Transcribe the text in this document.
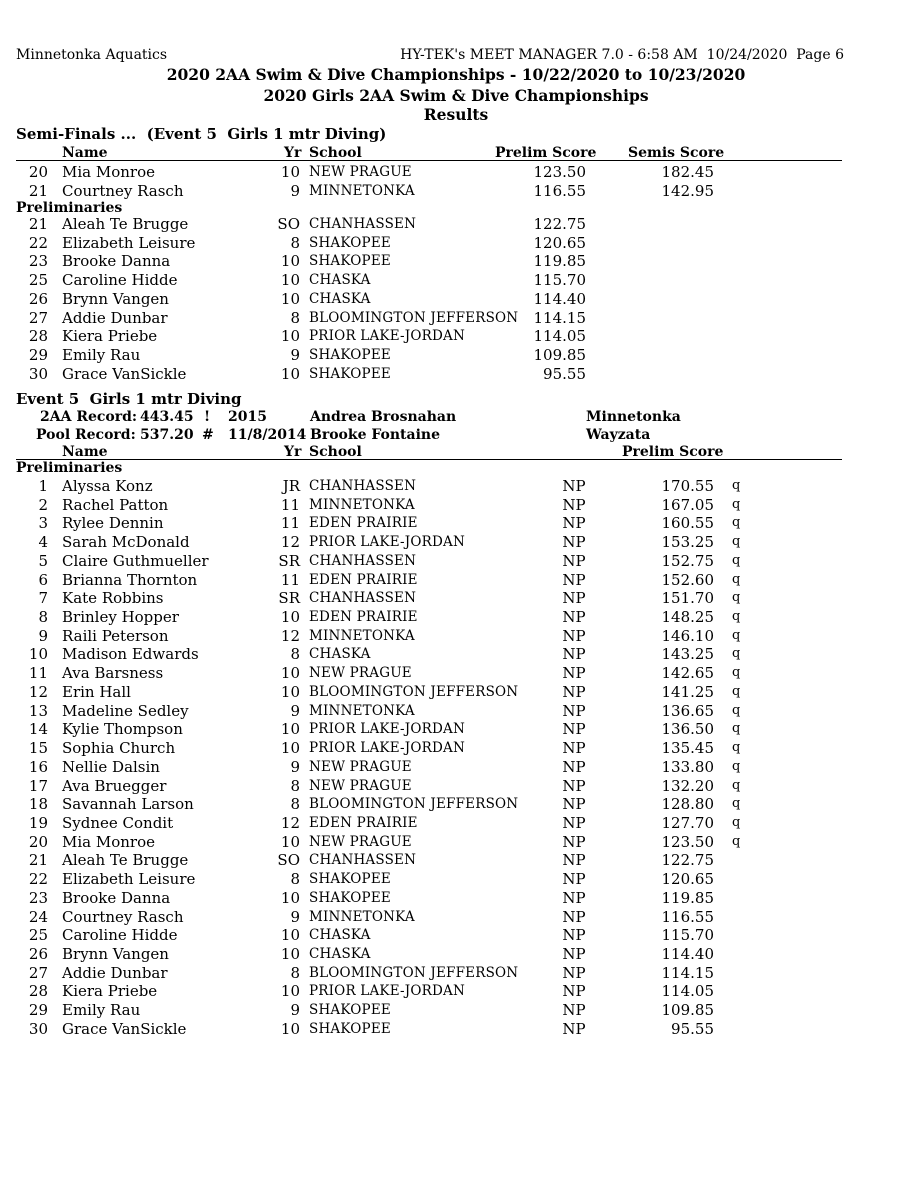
Minnetonka Aquatics	HY-TEK's MEET MANAGER 7.0 - 6:58 AM  10/24/2020  Page 6
2020 2AA Swim & Dive Championships - 10/22/2020 to 10/23/2020
2020 Girls 2AA Swim & Dive Championships
Results
Semi-Finals ...  (Event 5  Girls 1 mtr Diving)
Name	Yr School	Prelim Score Semis Score
20 Mia Monroe	10 NEW PRAGUE	123.50	182.45
21 Courtney Rasch	9 MINNETONKA	116.55	142.95
Preliminaries
21 Aleah Te Brugge	SO CHANHASSEN	122.75
22 Elizabeth Leisure	8 SHAKOPEE	120.65
23 Brooke Danna	10 SHAKOPEE	119.85
25 Caroline Hidde	10 CHASKA	115.70
26 Brynn Vangen	10 CHASKA	114.40
27 Addie Dunbar	8 BLOOMINGTON JEFFERSON	114.15
28 Kiera Priebe	10 PRIOR LAKE-JORDAN	114.05
29 Emily Rau	9 SHAKOPEE	109.85
30 Grace VanSickle	10 SHAKOPEE	95.55
Event 5  Girls 1 mtr Diving
2AA Record: 443.45 ! 2015	Andrea Brosnahan	Minnetonka
Pool Record: 537.20 # 11/8/2014 Brooke Fontaine	Wayzata
Name	Yr School	Prelim Score
Preliminaries
1 Alyssa Konz	JR CHANHASSEN	NP	170.55 q
2 Rachel Patton	11 MINNETONKA	NP	167.05 q
3 Rylee Dennin	11 EDEN PRAIRIE	NP	160.55 q
4 Sarah McDonald	12 PRIOR LAKE-JORDAN	NP	153.25 q
5 Claire Guthmueller	SR CHANHASSEN	NP	152.75 q
6 Brianna Thornton	11 EDEN PRAIRIE	NP	152.60 q
7 Kate Robbins	SR CHANHASSEN	NP	151.70 q
8 Brinley Hopper	10 EDEN PRAIRIE	NP	148.25 q
9 Raili Peterson	12 MINNETONKA	NP	146.10 q
10 Madison Edwards	8 CHASKA	NP	143.25 q
11 Ava Barsness	10 NEW PRAGUE	NP	142.65 q
12 Erin Hall	10 BLOOMINGTON JEFFERSON	NP	141.25 q
13 Madeline Sedley	9 MINNETONKA	NP	136.65 q
14 Kylie Thompson	10 PRIOR LAKE-JORDAN	NP	136.50 q
15 Sophia Church	10 PRIOR LAKE-JORDAN	NP	135.45 q
16 Nellie Dalsin	9 NEW PRAGUE	NP	133.80 q
17 Ava Bruegger	8 NEW PRAGUE	NP	132.20 q
18 Savannah Larson	8 BLOOMINGTON JEFFERSON	NP	128.80 q
19 Sydnee Condit	12 EDEN PRAIRIE	NP	127.70 q
20 Mia Monroe	10 NEW PRAGUE	NP	123.50 q
21 Aleah Te Brugge	SO CHANHASSEN	NP	122.75
22 Elizabeth Leisure	8 SHAKOPEE	NP	120.65
23 Brooke Danna	10 SHAKOPEE	NP	119.85
24 Courtney Rasch	9 MINNETONKA	NP	116.55
25 Caroline Hidde	10 CHASKA	NP	115.70
26 Brynn Vangen	10 CHASKA	NP	114.40
27 Addie Dunbar	8 BLOOMINGTON JEFFERSON	NP	114.15
28 Kiera Priebe	10 PRIOR LAKE-JORDAN	NP	114.05
29 Emily Rau	9 SHAKOPEE	NP	109.85
30 Grace VanSickle	10 SHAKOPEE	NP	95.55
